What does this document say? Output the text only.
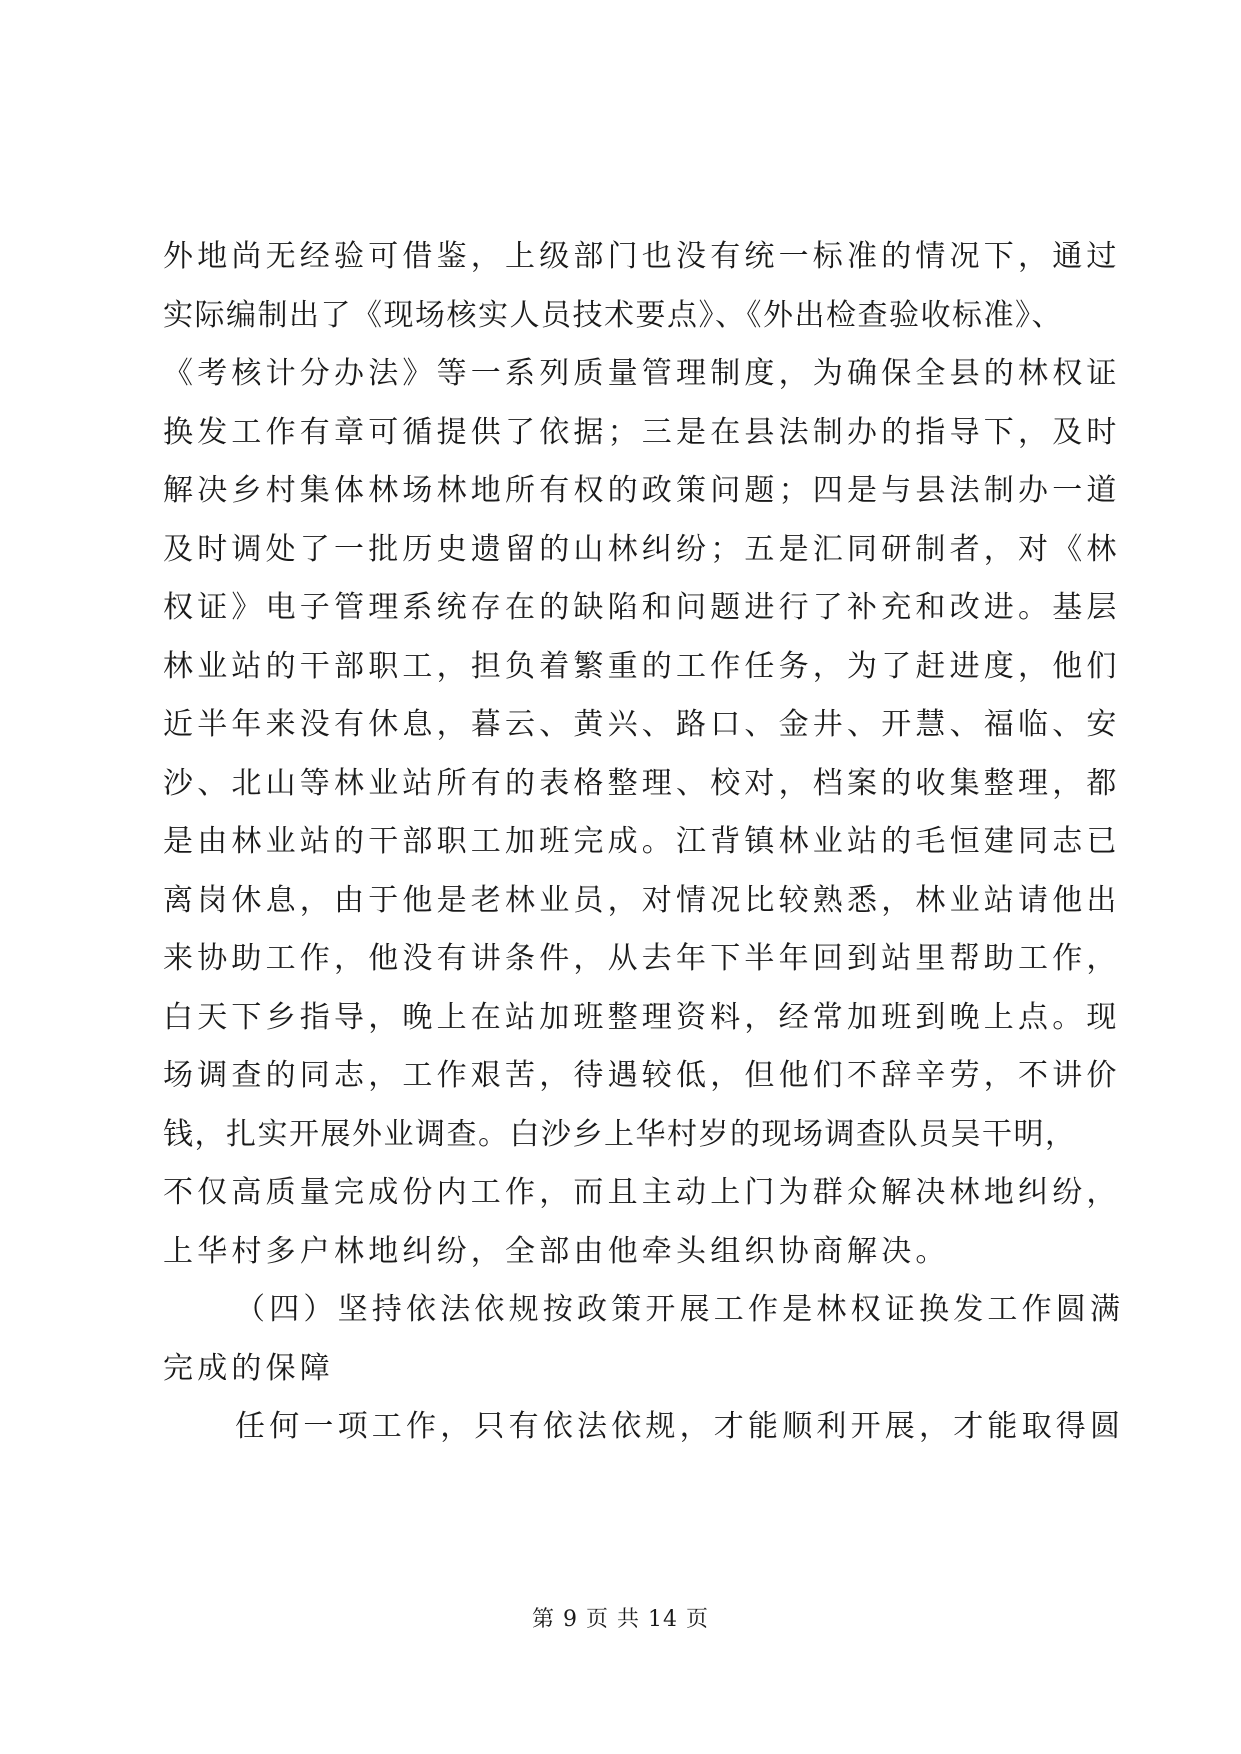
外地尚无经验可借鉴，上级部门也没有统一标准的情况下，通过
实际编制出了《现场核实人员技术要点》、《外出检查验收标准》、
《考核计分办法》等一系列质量管理制度，为确保全县的林权证
换发工作有章可循提供了依据；三是在县法制办的指导下，及时
解决乡村集体林场林地所有权的政策问题；四是与县法制办一道
及时调处了一批历史遗留的山林纠纷；五是汇同研制者，对《林
权证》电子管理系统存在的缺陷和问题进行了补充和改进。基层
林业站的干部职工，担负着繁重的工作任务，为了赶进度，他们
近半年来没有休息，暮云、黄兴、路口、金井、开慧、福临、安
沙、北山等林业站所有的表格整理、校对，档案的收集整理，都
是由林业站的干部职工加班完成。江背镇林业站的毛恒建同志已
离岗休息，由于他是老林业员，对情况比较熟悉，林业站请他出
来协助工作，他没有讲条件，从去年下半年回到站里帮助工作，
白天下乡指导，晚上在站加班整理资料，经常加班到晚上点。现
场调查的同志，工作艰苦，待遇较低，但他们不辞辛劳，不讲价
钱，扎实开展外业调查。白沙乡上华村岁的现场调查队员吴干明，
不仅高质量完成份内工作，而且主动上门为群众解决林地纠纷，
上华村多户林地纠纷，全部由他牵头组织协商解决。
（四）坚持依法依规按政策开展工作是林权证换发工作圆满
完成的保障
任何一项工作，只有依法依规，才能顺利开展，才能取得圆
第 9 页 共 14 页
